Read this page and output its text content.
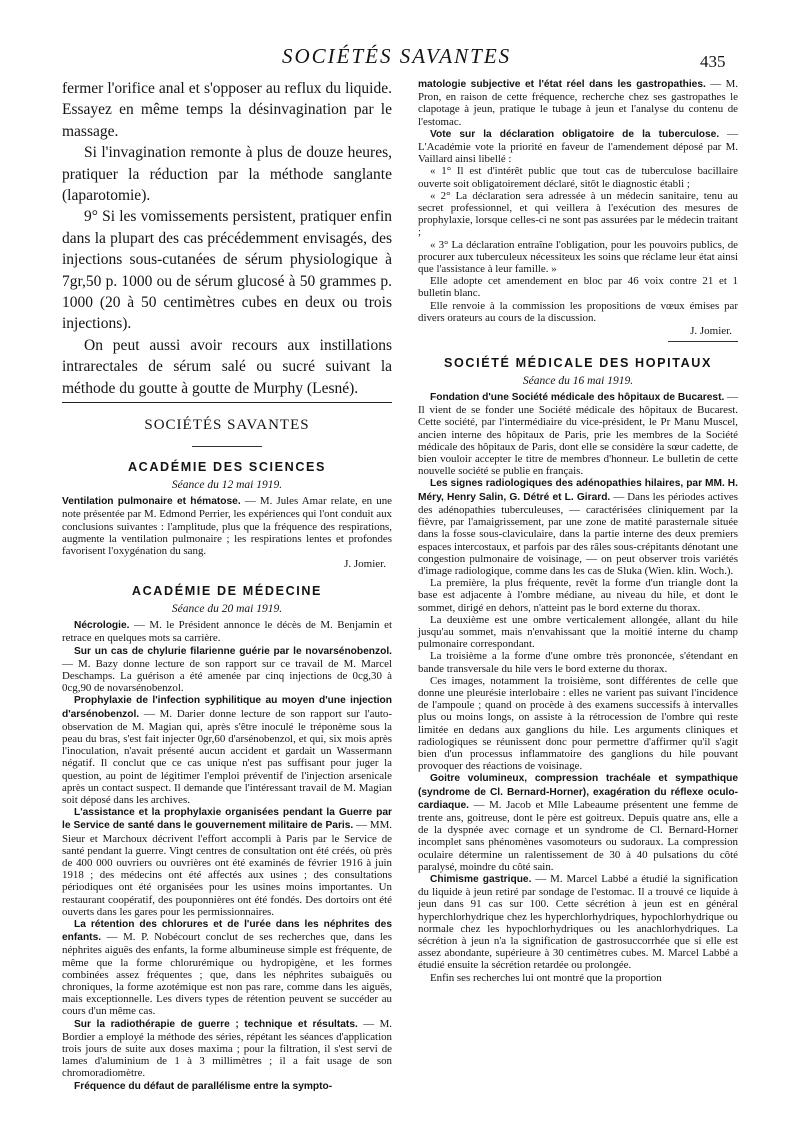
SOCIÉTÉS SAVANTES	435

fermer l'orifice anal et s'opposer au reflux du liquide. Essayez en même temps la désinvagination par le massage.

Si l'invagination remonte à plus de douze heures, pratiquer la réduction par la méthode sanglante (laparotomie).

9° Si les vomissements persistent, pratiquer enfin dans la plupart des cas précédemment envisagés, des injections sous-cutanées de sérum physiologique à 7gr,50 p. 1000 ou de sérum glucosé à 50 grammes p. 1000 (20 à 50 centimètres cubes en deux ou trois injections).

On peut aussi avoir recours aux instillations intrarectales de sérum salé ou sucré suivant la méthode du goutte à goutte de Murphy (Lesné).

SOCIÉTÉS SAVANTES
ACADÉMIE DES SCIENCES
Séance du 12 mai 1919.

Ventilation pulmonaire et hématose. — M. Jules Amar relate, en une note présentée par M. Edmond Perrier, les expériences qui l'ont conduit aux conclusions suivantes : l'amplitude, plus que la fréquence des respirations, augmente la ventilation pulmonaire ; les respirations lentes et profondes favorisent l'oxygénation du sang.

J. Jomier.
ACADÉMIE DE MÉDECINE
Séance du 20 mai 1919.

Nécrologie. — M. le Président annonce le décès de M. Benjamin et retrace en quelques mots sa carrière.

Sur un cas de chylurie filarienne guérie par le novarsénobenzol. — M. Bazy donne lecture de son rapport sur ce travail de M. Marcel Deschamps. La guérison a été amenée par cinq injections de 0cg,30 à 0cg,90 de novarsénobenzol.

Prophylaxie de l'infection syphilitique au moyen d'une injection d'arsénobenzol. — M. Darier donne lecture de son rapport sur l'auto-observation de M. Magian qui, après s'être inoculé le tréponème sous la peau du bras, s'est fait injecter 0gr,60 d'arsénobenzol, et qui, six mois après l'inoculation, n'avait présenté aucun accident et gardait un Wassermann négatif. Il conclut que ce cas unique n'est pas suffisant pour juger la question, au point de légitimer l'emploi préventif de l'injection arsenicale après un contact suspect. Il demande que l'intéressant travail de M. Magian soit déposé dans les archives.

L'assistance et la prophylaxie organisées pendant la Guerre par le Service de santé dans le gouvernement militaire de Paris. — MM. Sieur et Marchoux décrivent l'effort accompli à Paris par le Service de santé pendant la guerre. Vingt centres de consultation ont été créés, où près de 400 000 ouvriers ou ouvrières ont été examinés de février 1916 à juin 1918 ; des médecins ont été affectés aux usines ; des consultations périodiques ont été organisées pour les usines moins importantes. Un restaurant coopératif, des pouponnières ont été fondés. Des dortoirs ont été ouverts dans les gares pour les permissionnaires.

La rétention des chlorures et de l'urée dans les néphrites des enfants. — M. P. Nobécourt conclut de ses recherches que, dans les néphrites aiguës des enfants, la forme albumineuse simple est fréquente, de même que la forme chlorurémique ou hydropigène, et les formes combinées assez fréquentes ; que, dans les néphrites subaiguës ou chroniques, la forme azotémique est non pas rare, comme dans les aiguës, mais exceptionnelle. Les divers types de rétention peuvent se succéder au cours d'un même cas.

Sur la radiothérapie de guerre ; technique et résultats. — M. Bordier a employé la méthode des séries, répétant les séances d'application trois jours de suite aux doses maxima ; pour la filtration, il s'est servi de lames d'aluminium de 1 à 3 millimètres ; il a fait usage de son chromoradiomètre.

Fréquence du défaut de parallélisme entre la sympto-

matologie subjective et l'état réel dans les gastropathies. — M. Pron, en raison de cette fréquence, recherche chez ses gastropathes le clapotage à jeun, pratique le tubage à jeun et l'analyse du contenu de l'estomac.

Vote sur la déclaration obligatoire de la tuberculose. — L'Académie vote la priorité en faveur de l'amendement déposé par M. Vaillard ainsi libellé :

« 1° Il est d'intérêt public que tout cas de tuberculose bacillaire ouverte soit obligatoirement déclaré, sitôt le diagnostic établi ;

« 2° La déclaration sera adressée à un médecin sanitaire, tenu au secret professionnel, et qui veillera à l'exécution des mesures de prophylaxie, lorsque celles-ci ne sont pas assurées par le médecin traitant ;

« 3° La déclaration entraîne l'obligation, pour les pouvoirs publics, de procurer aux tuberculeux nécessiteux les soins que réclame leur état ainsi que l'assistance à leur famille. »

Elle adopte cet amendement en bloc par 46 voix contre 21 et 1 bulletin blanc.

Elle renvoie à la commission les propositions de vœux émises par divers orateurs au cours de la discussion.

J. Jomier.
SOCIÉTÉ MÉDICALE DES HOPITAUX
Séance du 16 mai 1919.

Fondation d'une Société médicale des hôpitaux de Bucarest. — Il vient de se fonder une Société médicale des hôpitaux de Bucarest. Cette société, par l'intermédiaire du vice-président, le Pr Manu Muscel, ancien interne des hôpitaux de Paris, prie les membres de la Société médicale des hôpitaux de Paris, dont elle se considère la sœur cadette, de bien vouloir accepter le titre de membres d'honneur. Le bulletin de cette nouvelle société se publie en français.

Les signes radiologiques des adénopathies hilaires, par MM. H. Méry, Henry Salin, G. Détré et L. Girard. — Dans les périodes actives des adénopathies tuberculeuses, — caractérisées cliniquement par la fièvre, par l'amaigrissement, par une zone de matité parasternale située dans la fosse sous-claviculaire, dans la partie interne des deux premiers espaces intercostaux, et parfois par des râles sous-crépitants dénotant une congestion pulmonaire de voisinage, — on peut observer trois variétés d'image radiologique, comme dans les cas de Sluka (Wien. klin. Woch.).

La première, la plus fréquente, revêt la forme d'un triangle dont la base est adjacente à l'ombre médiane, au niveau du hile, et dont le sommet, dirigé en dehors, n'atteint pas le bord externe du thorax.

La deuxième est une ombre verticalement allongée, allant du hile jusqu'au sommet, mais n'envahissant que la moitié interne du champ pulmonaire correspondant.

La troisième a la forme d'une ombre très prononcée, s'étendant en bande transversale du hile vers le bord externe du thorax.

Ces images, notamment la troisième, sont différentes de celle que donne une pleurésie interlobaire : elles ne varient pas suivant l'incidence de l'ampoule ; quand on procède à des examens successifs à intervalles plus ou moins longs, on assiste à la rétrocession de l'ombre qui reste limitée en dedans aux ganglions du hile. Les arguments cliniques et radiologiques se réunissent donc pour permettre d'affirmer qu'il s'agit bien d'un processus inflammatoire des ganglions du hile pouvant provoquer des réactions de voisinage.

Goitre volumineux, compression trachéale et sympathique (syndrome de Cl. Bernard-Horner), exagération du réflexe oculo-cardiaque. — M. Jacob et Mlle Labeaume présentent une femme de trente ans, goitreuse, dont le père est goitreux. Depuis quatre ans, elle a de la dyspnée avec cornage et un syndrome de Cl. Bernard-Horner incomplet sans phénomènes vasomoteurs ou sudoraux. La compression oculaire détermine un ralentissement de 30 à 40 pulsations du côté paralysé, moindre du côté sain.

Chimisme gastrique. — M. Marcel Labbé a étudié la signification du liquide à jeun retiré par sondage de l'estomac. Il a trouvé ce liquide à jeun dans 91 cas sur 100. Cette sécrétion à jeun est en général hyperchlorhydrique chez les hyperchlorhydriques, hypochlorhydrique ou normale chez les hypochlorhydriques ou les anachlorhydriques. La sécrétion à jeun n'a la signification de gastrosuccorrhée que si elle est assez abondante, supérieure à 30 centimètres cubes. M. Marcel Labbé a étudié ensuite la sécrétion retardée ou prolongée.

Enfin ses recherches lui ont montré que la proportion
